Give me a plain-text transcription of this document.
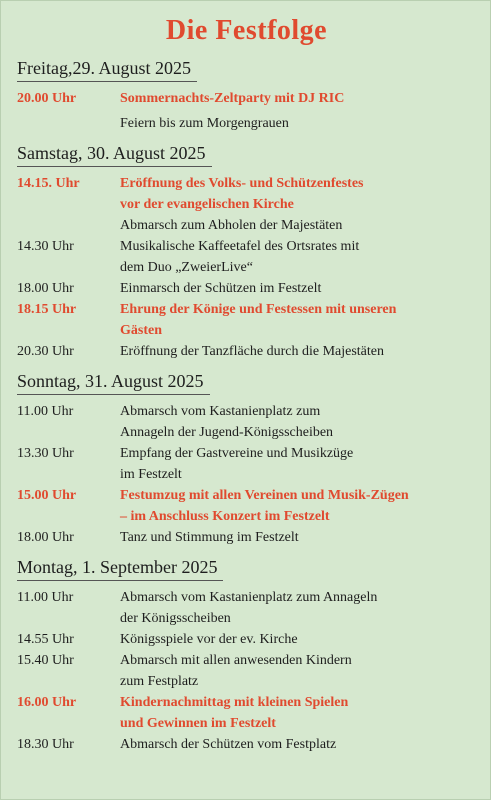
Die Festfolge
Freitag,29. August 2025
20.00 Uhr	Sommernachts-Zeltparty mit DJ RIC
Feiern bis zum Morgengrauen
Samstag, 30. August 2025
14.15. Uhr	Eröffnung des Volks- und Schützenfestes
vor der evangelischen Kirche
Abmarsch zum Abholen der Majestäten
14.30 Uhr	Musikalische Kaffeetafel des Ortsrates mit
dem Duo „ZweierLive“
18.00 Uhr	Einmarsch der Schützen im Festzelt
18.15 Uhr	Ehrung der Könige und Festessen mit unseren
Gästen
20.30 Uhr	Eröffnung der Tanzfläche durch die Majestäten
Sonntag, 31. August 2025
11.00 Uhr	Abmarsch vom Kastanienplatz zum
Annageln der Jugend-Königsscheiben
13.30 Uhr	Empfang der Gastvereine und Musikzüge
im Festzelt
15.00 Uhr	Festumzug mit allen Vereinen und Musik-Zügen
– im Anschluss Konzert im Festzelt
18.00 Uhr	Tanz und Stimmung im Festzelt
Montag, 1. September 2025
11.00 Uhr	Abmarsch vom Kastanienplatz zum Annageln
der Königsscheiben
14.55 Uhr	Königsspiele vor der ev. Kirche
15.40 Uhr	Abmarsch mit allen anwesenden Kindern
zum Festplatz
16.00 Uhr	Kindernachmittag mit kleinen Spielen
und Gewinnen im Festzelt
18.30 Uhr	Abmarsch der Schützen vom Festplatz
